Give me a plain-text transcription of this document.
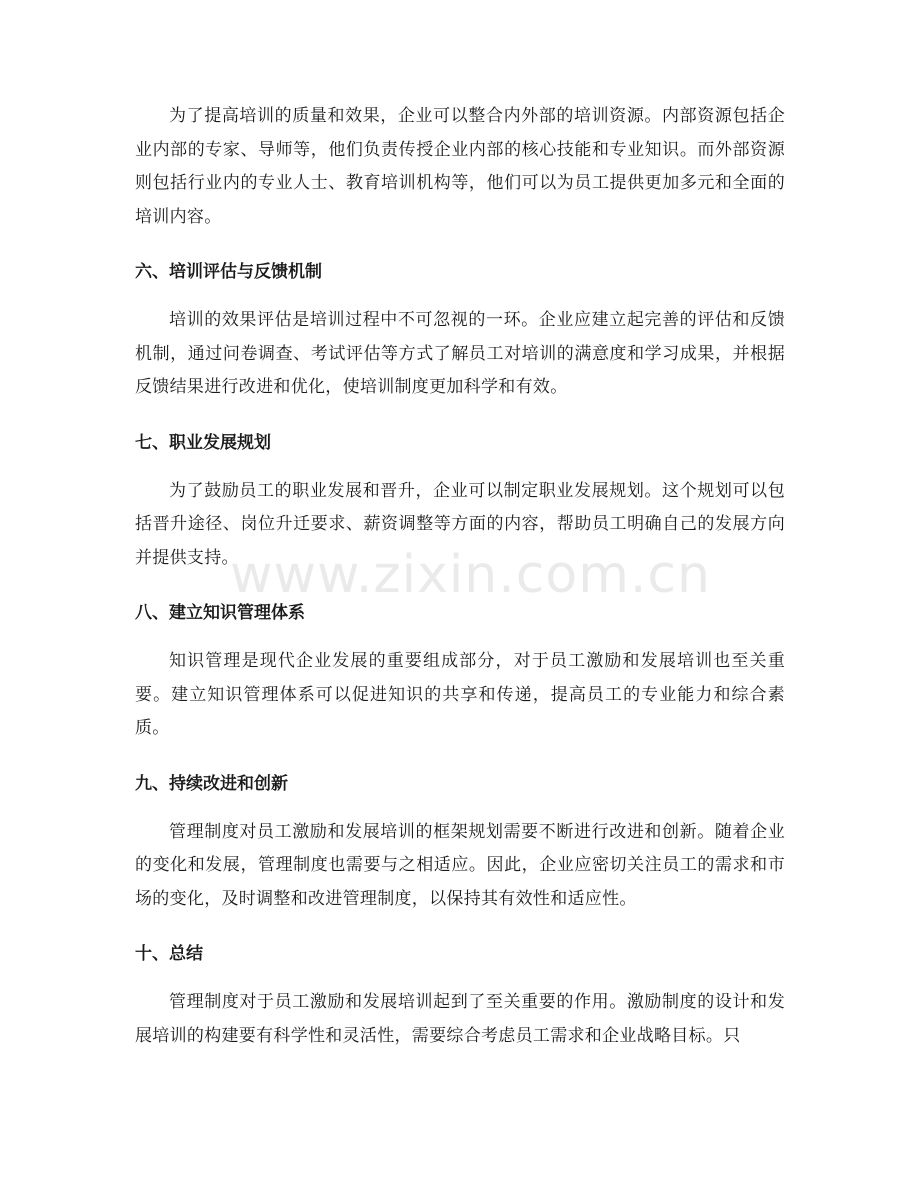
为了提高培训的质量和效果，企业可以整合内外部的培训资源。内部资源包括企业内部的专家、导师等，他们负责传授企业内部的核心技能和专业知识。而外部资源则包括行业内的专业人士、教育培训机构等，他们可以为员工提供更加多元和全面的培训内容。

六、培训评估与反馈机制

培训的效果评估是培训过程中不可忽视的一环。企业应建立起完善的评估和反馈机制，通过问卷调查、考试评估等方式了解员工对培训的满意度和学习成果，并根据反馈结果进行改进和优化，使培训制度更加科学和有效。

七、职业发展规划

为了鼓励员工的职业发展和晋升，企业可以制定职业发展规划。这个规划可以包括晋升途径、岗位升迁要求、薪资调整等方面的内容，帮助员工明确自己的发展方向并提供支持。

八、建立知识管理体系

知识管理是现代企业发展的重要组成部分，对于员工激励和发展培训也至关重要。建立知识管理体系可以促进知识的共享和传递，提高员工的专业能力和综合素质。

九、持续改进和创新

管理制度对员工激励和发展培训的框架规划需要不断进行改进和创新。随着企业的变化和发展，管理制度也需要与之相适应。因此，企业应密切关注员工的需求和市场的变化，及时调整和改进管理制度，以保持其有效性和适应性。

十、总结

管理制度对于员工激励和发展培训起到了至关重要的作用。激励制度的设计和发展培训的构建要有科学性和灵活性，需要综合考虑员工需求和企业战略目标。只

www.zixin.com.cn
